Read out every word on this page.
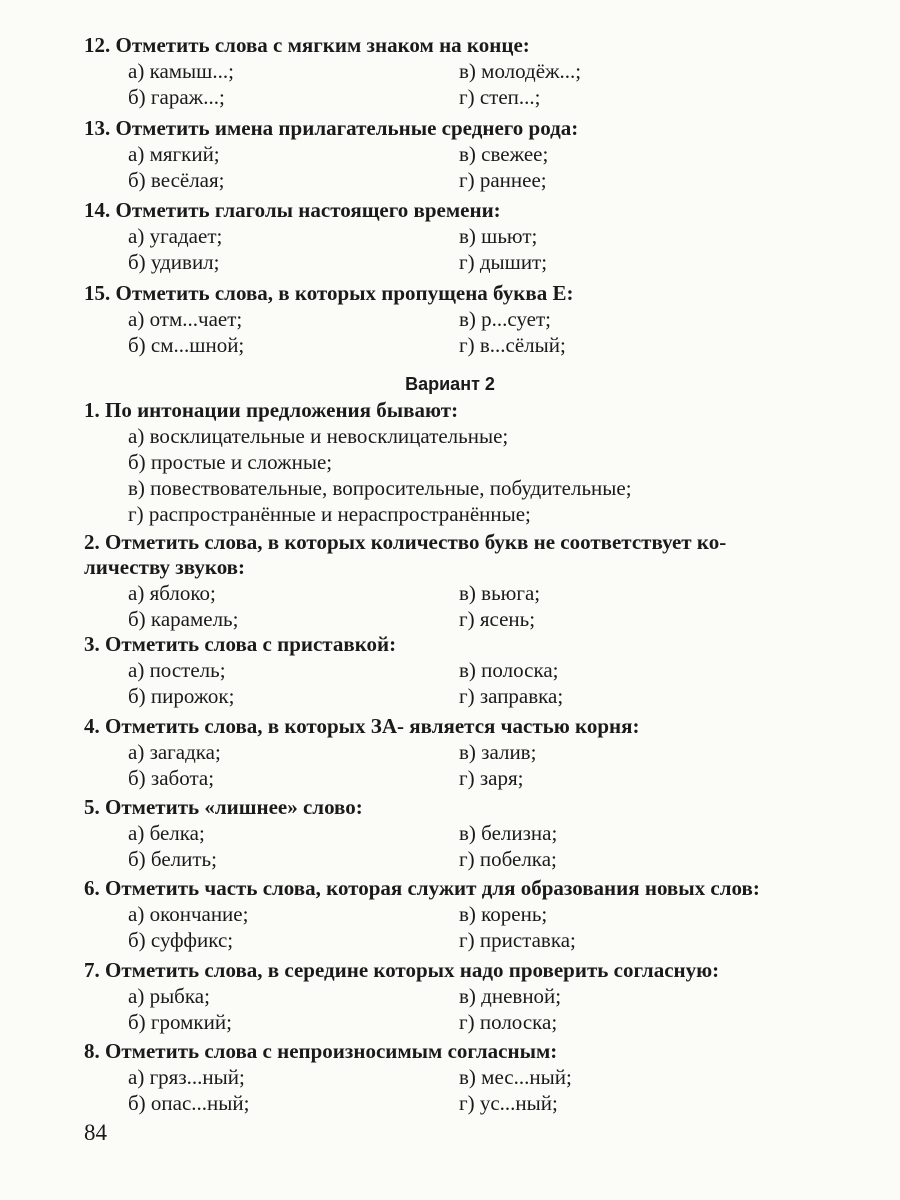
12. Отметить слова с мягким знаком на конце:

а) камыш...;
б) гараж...;
в) молодёж...;
г) степ...;

13. Отметить имена прилагательные среднего рода:

а) мягкий;
б) весёлая;
в) свежее;
г) раннее;

14. Отметить глаголы настоящего времени:

а) угадает;
б) удивил;
в) шьют;
г) дышит;

15. Отметить слова, в которых пропущена буква Е:

а) отм...чает;
б) см...шной;
в) р...сует;
г) в...сёлый;
Вариант 2

1. По интонации предложения бывают:

а) восклицательные и невосклицательные;
б) простые и сложные;
в) повествовательные, вопросительные, побудительные;
г) распространённые и нераспространённые;

2. Отметить слова, в которых количество букв не соответствует ко-
личеству звуков:

а) яблоко;
б) карамель;
в) вьюга;
г) ясень;

3. Отметить слова с приставкой:

а) постель;
б) пирожок;
в) полоска;
г) заправка;

4. Отметить слова, в которых ЗА- является частью корня:

а) загадка;
б) забота;
в) залив;
г) заря;

5. Отметить «лишнее» слово:

а) белка;
б) белить;
в) белизна;
г) побелка;

6. Отметить часть слова, которая служит для образования новых слов:

а) окончание;
б) суффикс;
в) корень;
г) приставка;

7. Отметить слова, в середине которых надо проверить согласную:

а) рыбка;
б) громкий;
в) дневной;
г) полоска;

8. Отметить слова с непроизносимым согласным:

а) гряз...ный;
б) опас...ный;
в) мес...ный;
г) ус...ный;
84
